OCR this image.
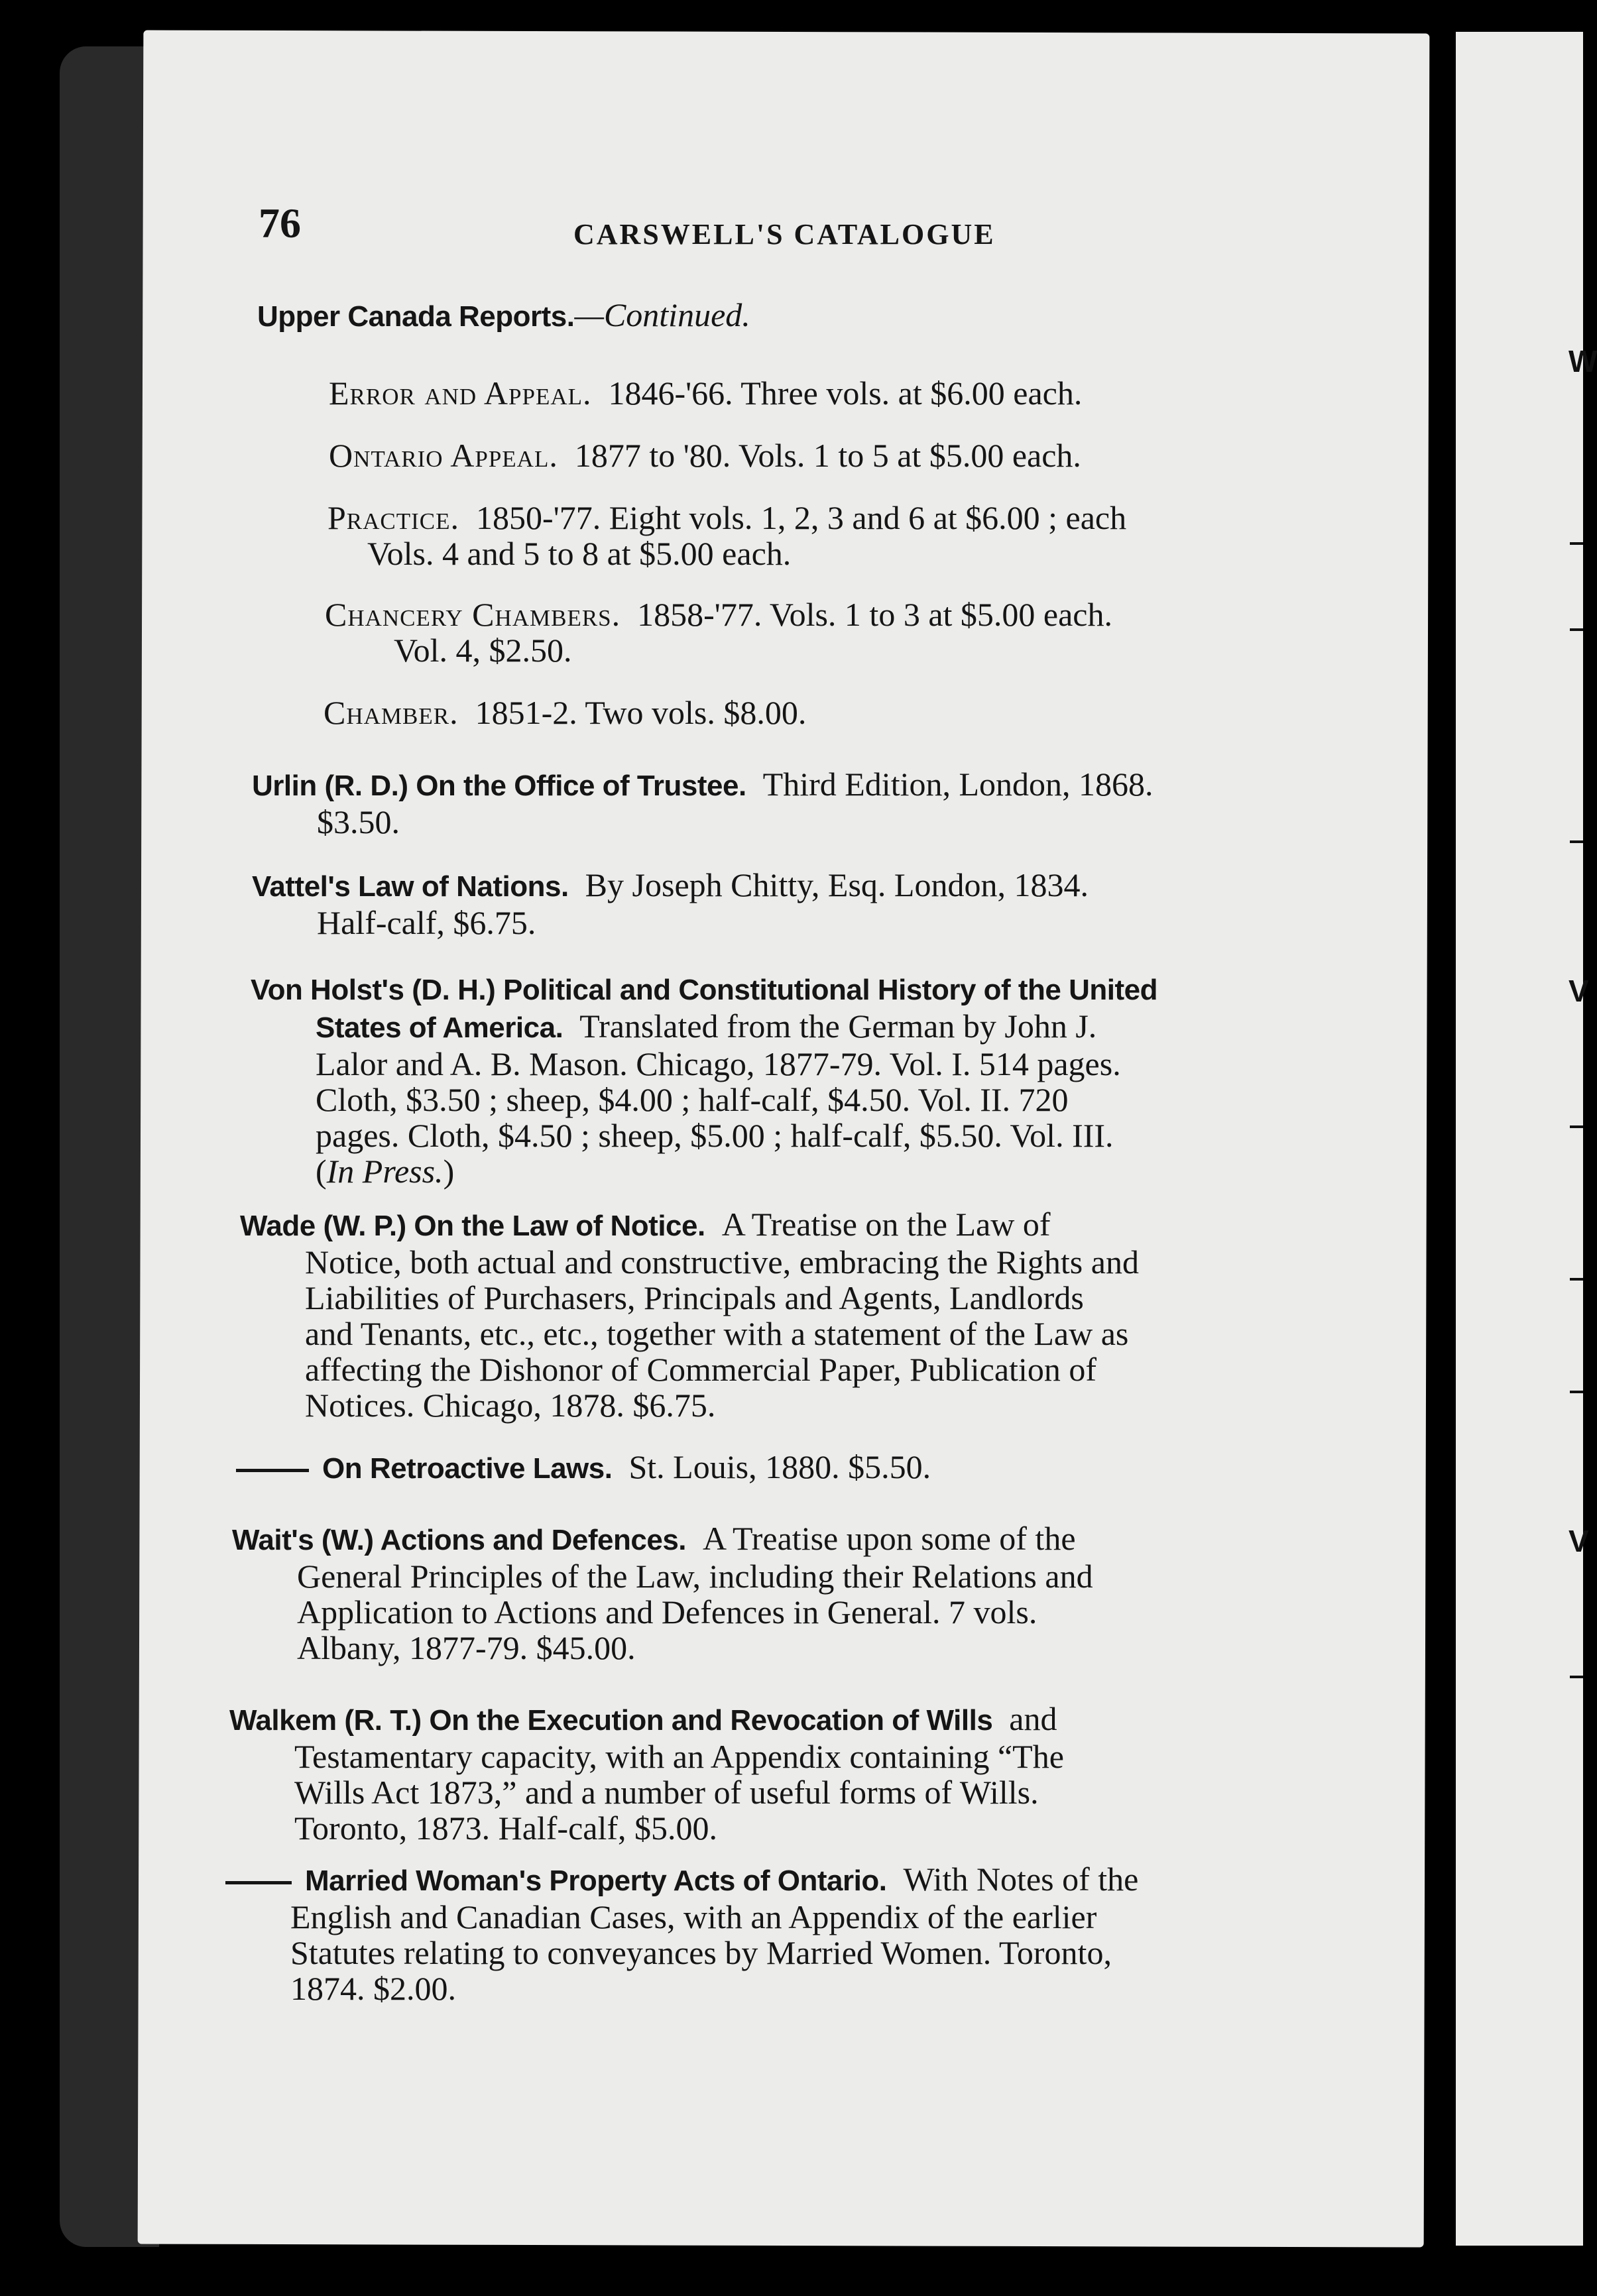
W
V
V
76	CARSWELL'S CATALOGUE
Upper Canada Reports.—Continued.
Error and Appeal. 1846-'66. Three vols. at $6.00 each.
Ontario Appeal. 1877 to '80. Vols. 1 to 5 at $5.00 each.
Practice. 1850-'77. Eight vols. 1, 2, 3 and 6 at $6.00 ; each
Vols. 4 and 5 to 8 at $5.00 each.
Chancery Chambers. 1858-'77. Vols. 1 to 3 at $5.00 each.
Vol. 4, $2.50.
Chamber. 1851-2. Two vols. $8.00.
Urlin (R. D.) On the Office of Trustee. Third Edition, London, 1868.
$3.50.
Vattel's Law of Nations. By Joseph Chitty, Esq. London, 1834.
Half-calf, $6.75.
Von Holst's (D. H.) Political and Constitutional History of the United
States of America. Translated from the German by John J.
Lalor and A. B. Mason. Chicago, 1877-79. Vol. I. 514 pages.
Cloth, $3.50 ; sheep, $4.00 ; half-calf, $4.50. Vol. II. 720
pages. Cloth, $4.50 ; sheep, $5.00 ; half-calf, $5.50. Vol. III.
(In Press.)
Wade (W. P.) On the Law of Notice. A Treatise on the Law of
Notice, both actual and constructive, embracing the Rights and
Liabilities of Purchasers, Principals and Agents, Landlords
and Tenants, etc., etc., together with a statement of the Law as
affecting the Dishonor of Commercial Paper, Publication of
Notices. Chicago, 1878. $6.75.
On Retroactive Laws. St. Louis, 1880. $5.50.
Wait's (W.) Actions and Defences. A Treatise upon some of the
General Principles of the Law, including their Relations and
Application to Actions and Defences in General. 7 vols.
Albany, 1877-79. $45.00.
Walkem (R. T.) On the Execution and Revocation of Wills and
Testamentary capacity, with an Appendix containing “The
Wills Act 1873,” and a number of useful forms of Wills.
Toronto, 1873. Half-calf, $5.00.
Married Woman's Property Acts of Ontario. With Notes of the
English and Canadian Cases, with an Appendix of the earlier
Statutes relating to conveyances by Married Women. Toronto,
1874. $2.00.
